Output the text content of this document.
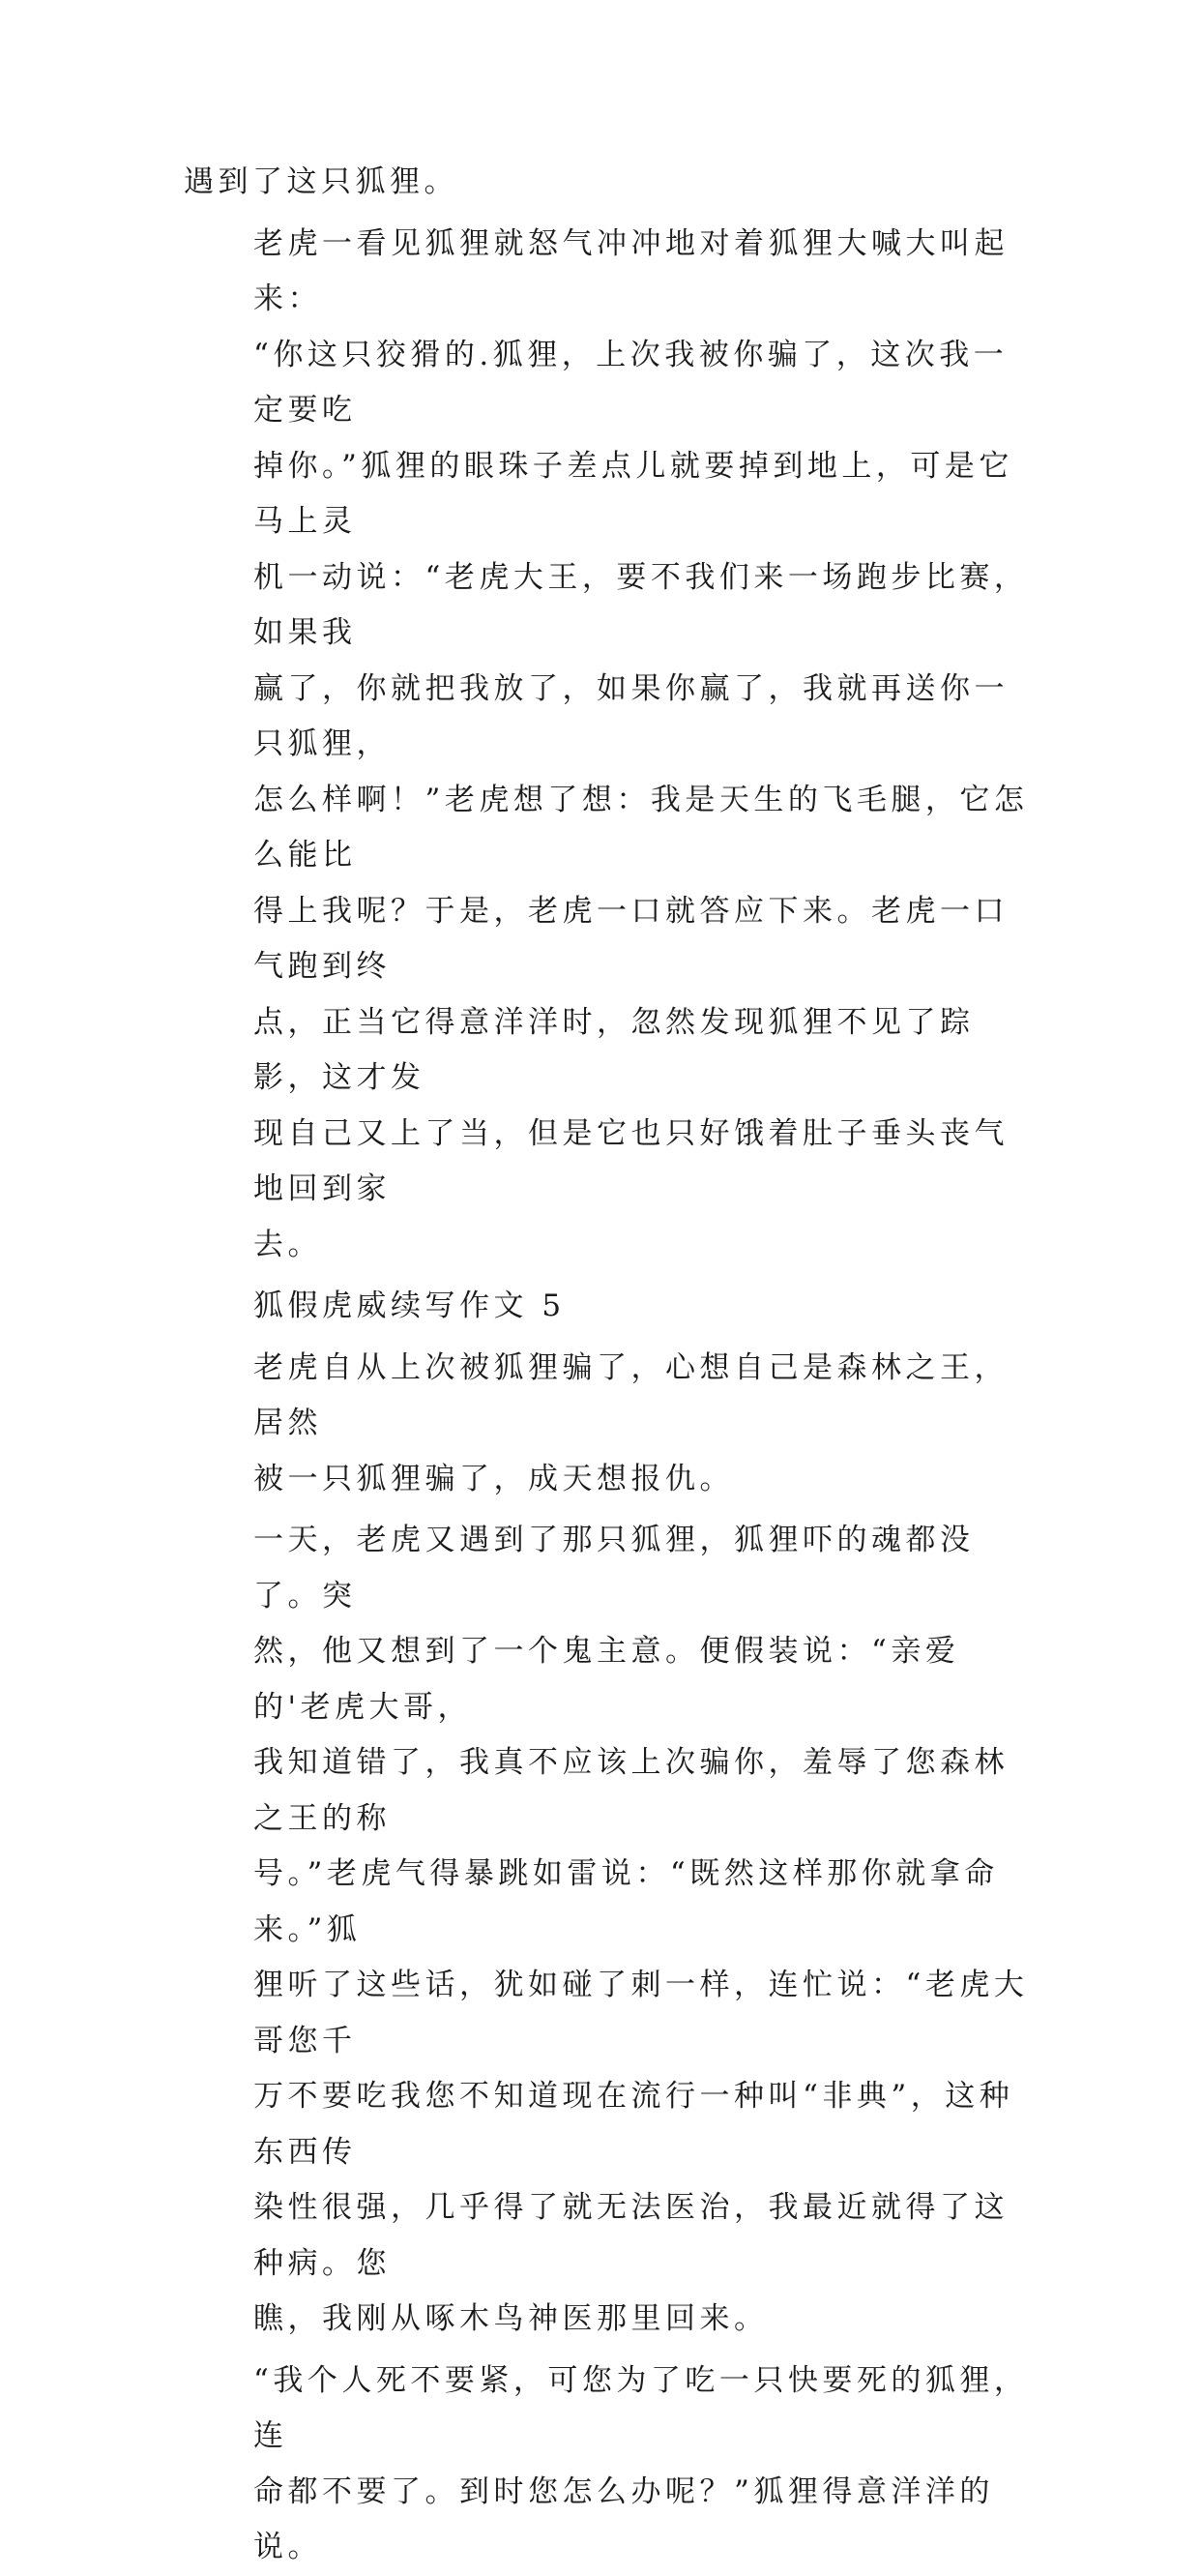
遇到了这只狐狸。

老虎一看见狐狸就怒气冲冲地对着狐狸大喊大叫起来：
“你这只狡猾的.狐狸，上次我被你骗了，这次我一定要吃
掉你。”狐狸的眼珠子差点儿就要掉到地上，可是它马上灵
机一动说：“老虎大王，要不我们来一场跑步比赛，如果我
赢了，你就把我放了，如果你赢了，我就再送你一只狐狸，
怎么样啊！”老虎想了想：我是天生的飞毛腿，它怎么能比
得上我呢？于是，老虎一口就答应下来。老虎一口气跑到终
点，正当它得意洋洋时，忽然发现狐狸不见了踪影，这才发
现自己又上了当，但是它也只好饿着肚子垂头丧气地回到家
去。

狐假虎威续写作文 5

老虎自从上次被狐狸骗了，心想自己是森林之王，居然
被一只狐狸骗了，成天想报仇。

一天，老虎又遇到了那只狐狸，狐狸吓的魂都没了。突
然，他又想到了一个鬼主意。便假装说：“亲爱的'老虎大哥，
我知道错了，我真不应该上次骗你，羞辱了您森林之王的称
号。”老虎气得暴跳如雷说：“既然这样那你就拿命来。”狐
狸听了这些话，犹如碰了刺一样，连忙说：“老虎大哥您千
万不要吃我您不知道现在流行一种叫“非典”，这种东西传
染性很强，几乎得了就无法医治，我最近就得了这种病。您
瞧，我刚从啄木鸟神医那里回来。

“我个人死不要紧，可您为了吃一只快要死的狐狸，连
命都不要了。到时您怎么办呢？”狐狸得意洋洋的说。
